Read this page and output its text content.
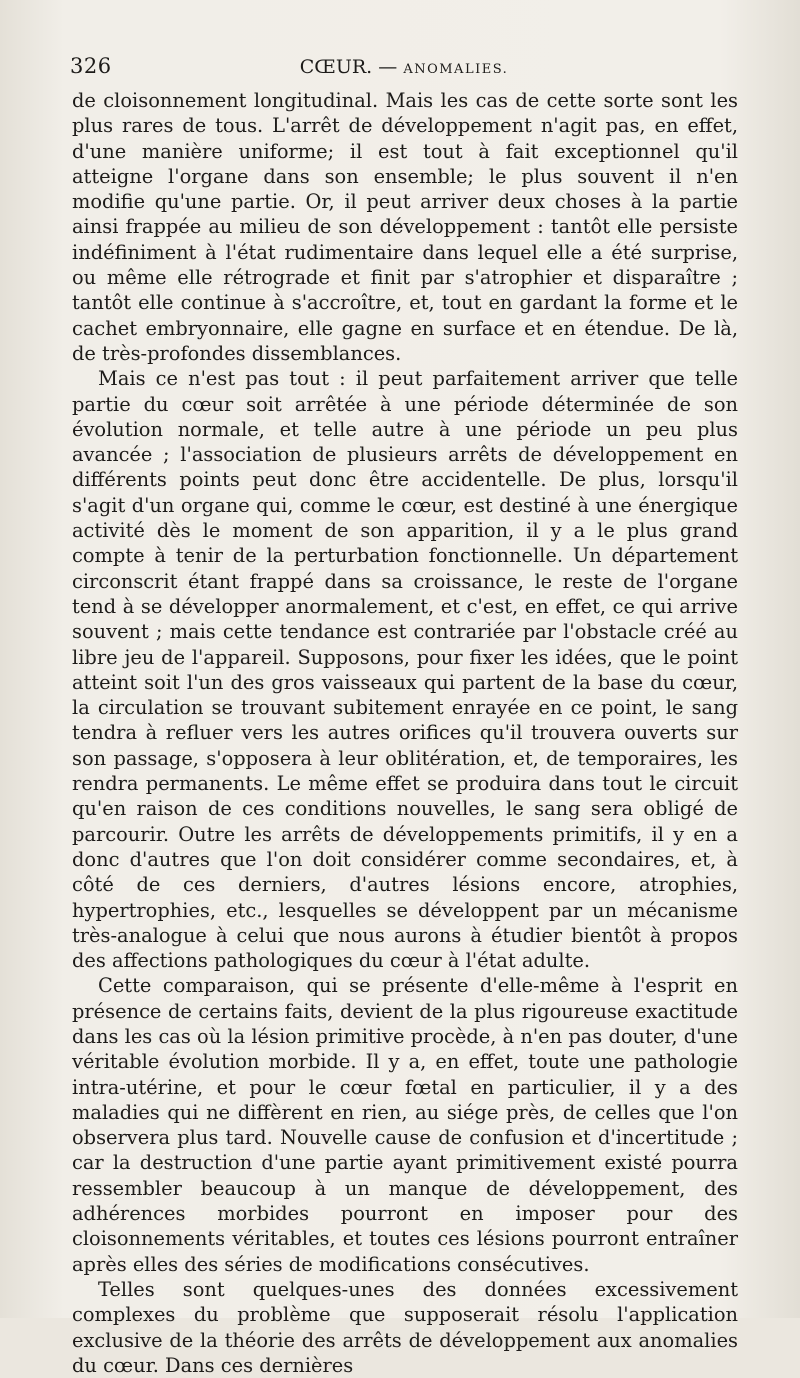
326	CŒUR. — ANOMALIES.

de cloisonnement longitudinal. Mais les cas de cette sorte sont les plus rares de tous. L'arrêt de développement n'agit pas, en effet, d'une manière uniforme; il est tout à fait exceptionnel qu'il atteigne l'organe dans son ensemble; le plus souvent il n'en modifie qu'une partie. Or, il peut arriver deux choses à la partie ainsi frappée au milieu de son développement : tantôt elle persiste indéfiniment à l'état rudimentaire dans lequel elle a été surprise, ou même elle rétrograde et finit par s'atrophier et disparaître ; tantôt elle continue à s'accroître, et, tout en gardant la forme et le cachet embryonnaire, elle gagne en surface et en étendue. De là, de très-profondes dissemblances.

Mais ce n'est pas tout : il peut parfaitement arriver que telle partie du cœur soit arrêtée à une période déterminée de son évolution normale, et telle autre à une période un peu plus avancée ; l'association de plusieurs arrêts de développement en différents points peut donc être accidentelle. De plus, lorsqu'il s'agit d'un organe qui, comme le cœur, est destiné à une énergique activité dès le moment de son apparition, il y a le plus grand compte à tenir de la perturbation fonctionnelle. Un département circonscrit étant frappé dans sa croissance, le reste de l'organe tend à se développer anormalement, et c'est, en effet, ce qui arrive souvent ; mais cette tendance est contrariée par l'obstacle créé au libre jeu de l'appareil. Supposons, pour fixer les idées, que le point atteint soit l'un des gros vaisseaux qui partent de la base du cœur, la circulation se trouvant subitement enrayée en ce point, le sang tendra à refluer vers les autres orifices qu'il trouvera ouverts sur son passage, s'opposera à leur oblitération, et, de temporaires, les rendra permanents. Le même effet se produira dans tout le circuit qu'en raison de ces conditions nouvelles, le sang sera obligé de parcourir. Outre les arrêts de développements primitifs, il y en a donc d'autres que l'on doit considérer comme secondaires, et, à côté de ces derniers, d'autres lésions encore, atrophies, hypertrophies, etc., lesquelles se développent par un mécanisme très-analogue à celui que nous aurons à étudier bientôt à propos des affections pathologiques du cœur à l'état adulte.

Cette comparaison, qui se présente d'elle-même à l'esprit en présence de certains faits, devient de la plus rigoureuse exactitude dans les cas où la lésion primitive procède, à n'en pas douter, d'une véritable évolution morbide. Il y a, en effet, toute une pathologie intra-utérine, et pour le cœur fœtal en particulier, il y a des maladies qui ne diffèrent en rien, au siége près, de celles que l'on observera plus tard. Nouvelle cause de confusion et d'incertitude ; car la destruction d'une partie ayant primitivement existé pourra ressembler beaucoup à un manque de développement, des adhérences morbides pourront en imposer pour des cloisonnements véritables, et toutes ces lésions pourront entraîner après elles des séries de modifications consécutives.

Telles sont quelques-unes des données excessivement complexes du problème que supposerait résolu l'application exclusive de la théorie des arrêts de développement aux anomalies du cœur. Dans ces dernières
